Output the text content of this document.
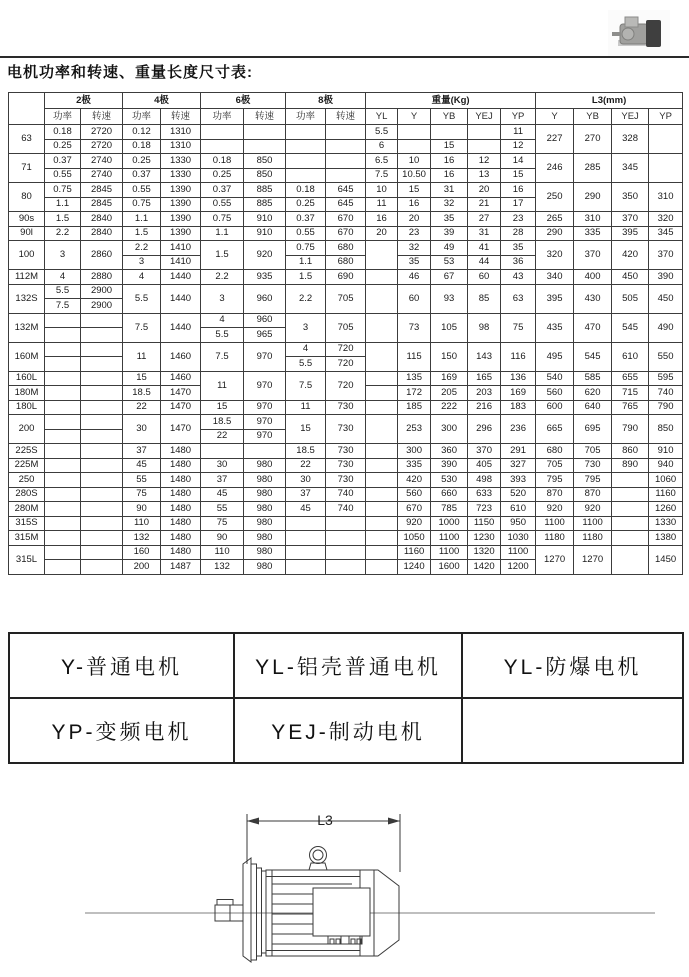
电机功率和转速、重量长度尺寸表:
	2极		4极		6极		8极		重量(Kg)					L3(mm)			
	功率	转速	功率	转速	功率	转速	功率	转速	YL	Y	YB	YEJ	YP	Y	YB	YEJ	YP
63	0.18	2720	0.12	1310					5.5				11	227	270	328	
	0.25	2720	0.18	1310					6		15		12				
71	0.37	2740	0.25	1330	0.18	850			6.5	10	16	12	14	246	285	345	
	0.55	2740	0.37	1330	0.25	850			7.5	10.50	16	13	15				
80	0.75	2845	0.55	1390	0.37	885	0.18	645	10	15	31	20	16	250	290	350	310
	1.1	2845	0.75	1390	0.55	885	0.25	645	11	16	32	21	17				
90s	1.5	2840	1.1	1390	0.75	910	0.37	670	16	20	35	27	23	265	310	370	320
90l	2.2	2840	1.5	1390	1.1	910	0.55	670	20	23	39	31	28	290	335	395	345
100	3	2860	2.2	1410	1.5	920	0.75	680		32	49	41	35	320	370	420	370
			3	1410			1.1	680		35	53	44	36				
112M	4	2880	4	1440	2.2	935	1.5	690		46	67	60	43	340	400	450	390
132S	5.5	2900	5.5	1440	3	960	2.2	705		60	93	85	63	395	430	505	450
	7.5	2900															
132M			7.5	1440	4	960	3	705		73	105	98	75	435	470	545	490
					5.5	965											
160M			11	1460	7.5	970	4	720		115	150	143	116	495	545	610	550
							5.5	720									
160L			15	1460	11	970	7.5	720		135	169	165	136	540	585	655	595
180M			18.5	1470						172	205	203	169	560	620	715	740
180L			22	1470	15	970	11	730		185	222	216	183	600	640	765	790
200			30	1470	18.5	970	15	730		253	300	296	236	665	695	790	850
					22	970											
225S			37	1480			18.5	730		300	360	370	291	680	705	860	910
225M			45	1480	30	980	22	730		335	390	405	327	705	730	890	940
250			55	1480	37	980	30	730		420	530	498	393	795	795		1060
280S			75	1480	45	980	37	740		560	660	633	520	870	870		1160
280M			90	1480	55	980	45	740		670	785	723	610	920	920		1260
315S			110	1480	75	980				920	1000	1150	950	1100	1100		1330
315M			132	1480	90	980				1050	1100	1230	1030	1180	1180		1380
315L			160	1480	110	980				1160	1100	1320	1100	1270	1270		1450
			200	1487	132	980				1240	1600	1420	1200				
Y-普通电机	YL-铝壳普通电机	YL-防爆电机
YP-变频电机	YEJ-制动电机	
L3
